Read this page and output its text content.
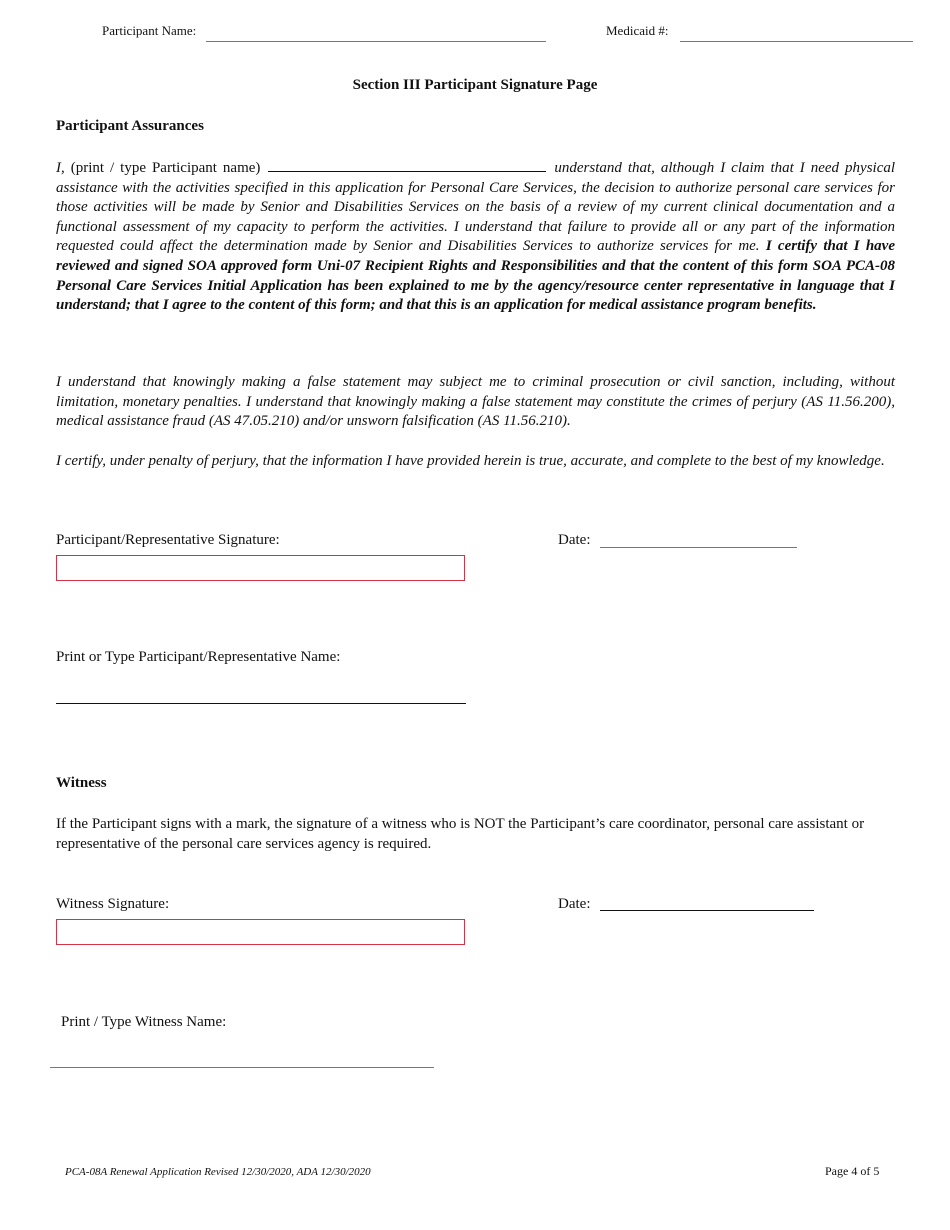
Participant Name:	Medicaid #:
Section III Participant Signature Page
Participant Assurances
I, (print / type Participant name)	understand that, although I claim that I need physical assistance with the activities specified in this application for Personal Care Services, the decision to authorize personal care services for those activities will be made by Senior and Disabilities Services on the basis of a review of my current clinical documentation and a functional assessment of my capacity to perform the activities. I understand that failure to provide all or any part of the information requested could affect the determination made by Senior and Disabilities Services to authorize services for me. I certify that I have reviewed and signed SOA approved form Uni-07 Recipient Rights and Responsibilities and that the content of this form SOA PCA-08 Personal Care Services Initial Application has been explained to me by the agency/resource center representative in language that I understand; that I agree to the content of this form; and that this is an application for medical assistance program benefits.
I understand that knowingly making a false statement may subject me to criminal prosecution or civil sanction, including, without limitation, monetary penalties. I understand that knowingly making a false statement may constitute the crimes of perjury (AS 11.56.200), medical assistance fraud (AS 47.05.210) and/or unsworn falsification (AS 11.56.210).
I certify, under penalty of perjury, that the information I have provided herein is true, accurate, and complete to the best of my knowledge.
Participant/Representative Signature:	Date:
Print or Type Participant/Representative Name:
Witness
If the Participant signs with a mark, the signature of a witness who is NOT the Participant’s care coordinator, personal care assistant or representative of the personal care services agency is required.
Witness Signature:	Date:
Print / Type Witness Name:
PCA-08A Renewal Application Revised 12/30/2020, ADA 12/30/2020	Page 4 of 5
